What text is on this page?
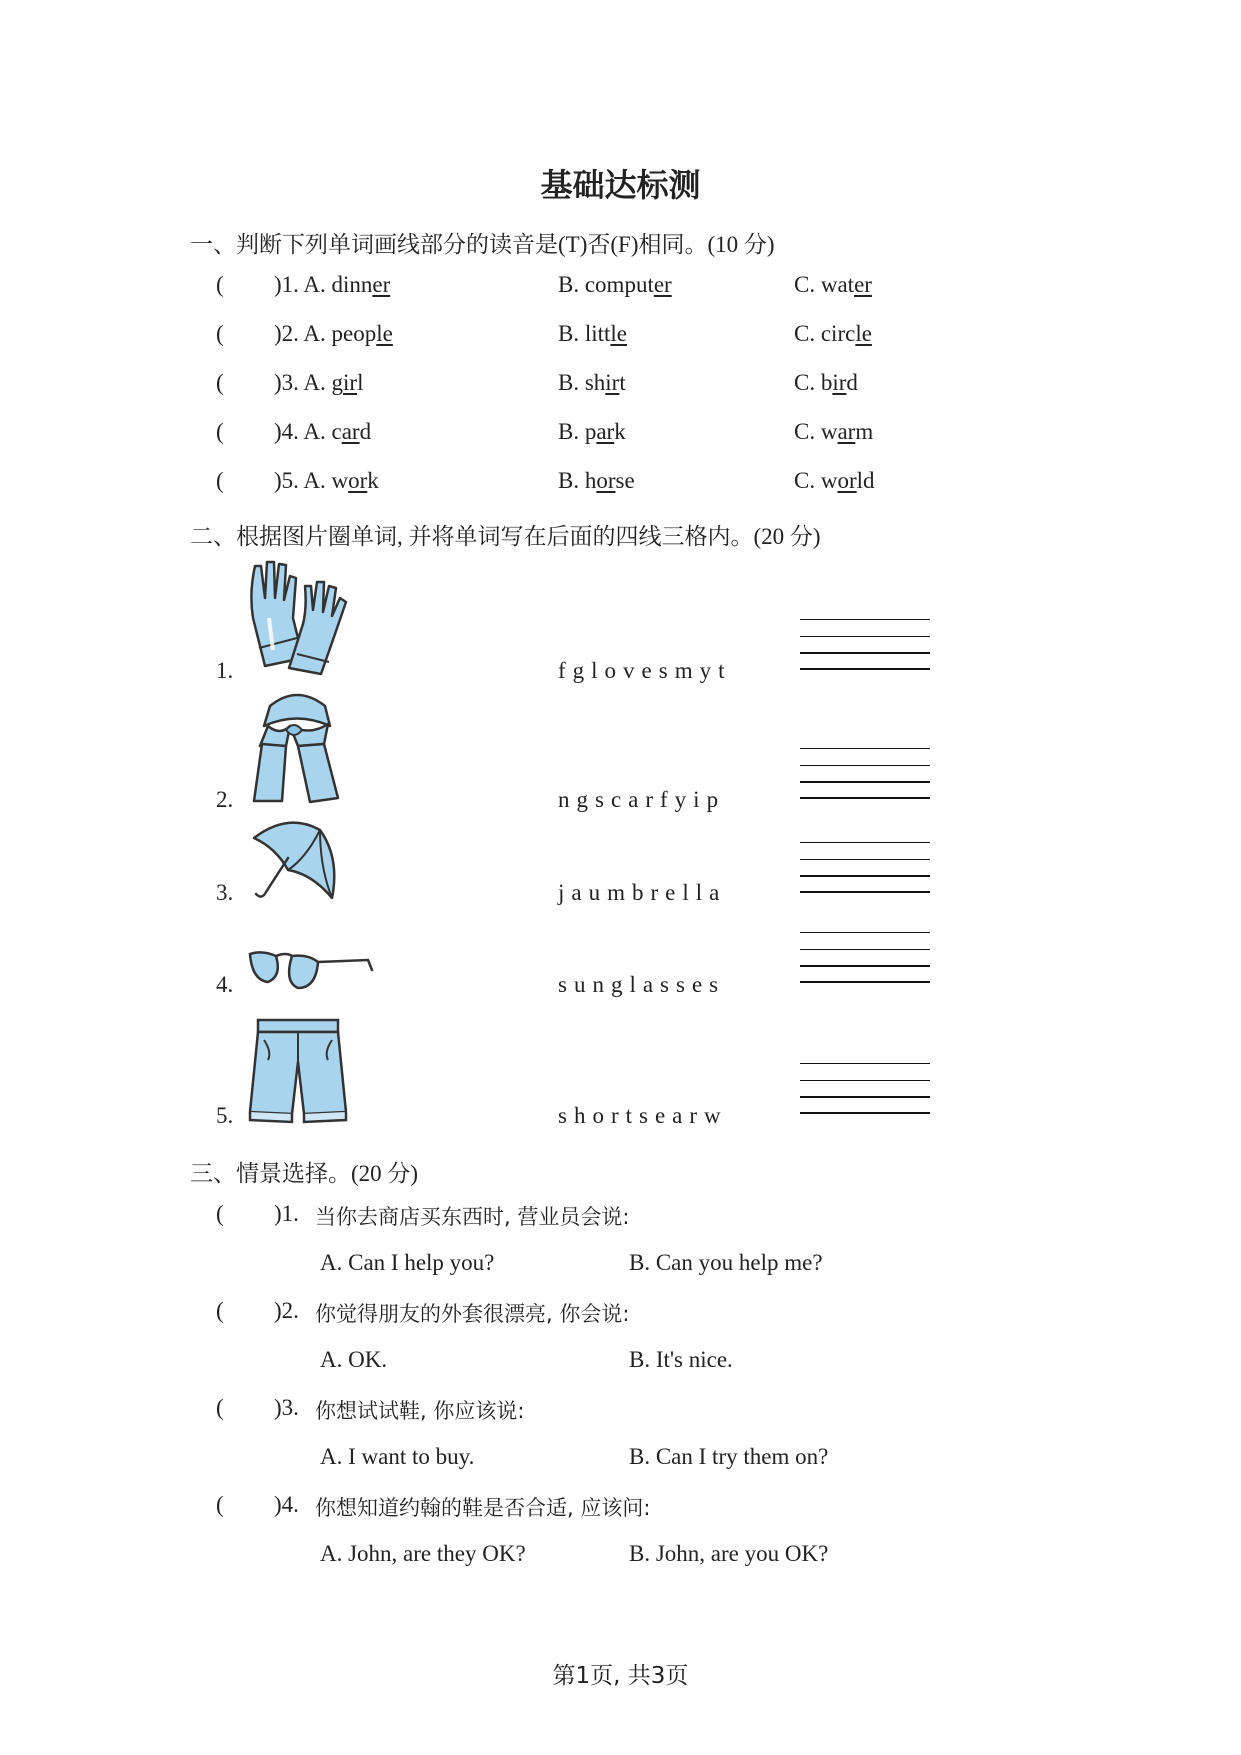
基础达标测
一、判断下列单词画线部分的读音是(T)否(F)相同。(10 分)
( )1. A. dinner	B. computer	C. water
( )2. A. people	B. little	C. circle
( )3. A. girl	B. shirt	C. bird
( )4. A. card	B. park	C. warm
( )5. A. work	B. horse	C. world
二、根据图片圈单词, 并将单词写在后面的四线三格内。(20 分)
1.	fglovesmyt
2.	ngscarfyip
3.	jaumbrella
4.	sunglasses
5.	shortsearw
三、情景选择。(20 分)
( )1. 当你去商店买东西时, 营业员会说:
A. Can I help you?	B. Can you help me?
( )2. 你觉得朋友的外套很漂亮, 你会说:
A. OK.	B. It's nice.
( )3. 你想试试鞋, 你应该说:
A. I want to buy.	B. Can I try them on?
( )4. 你想知道约翰的鞋是否合适, 应该问:
A. John, are they OK?	B. John, are you OK?
第1页, 共3页
